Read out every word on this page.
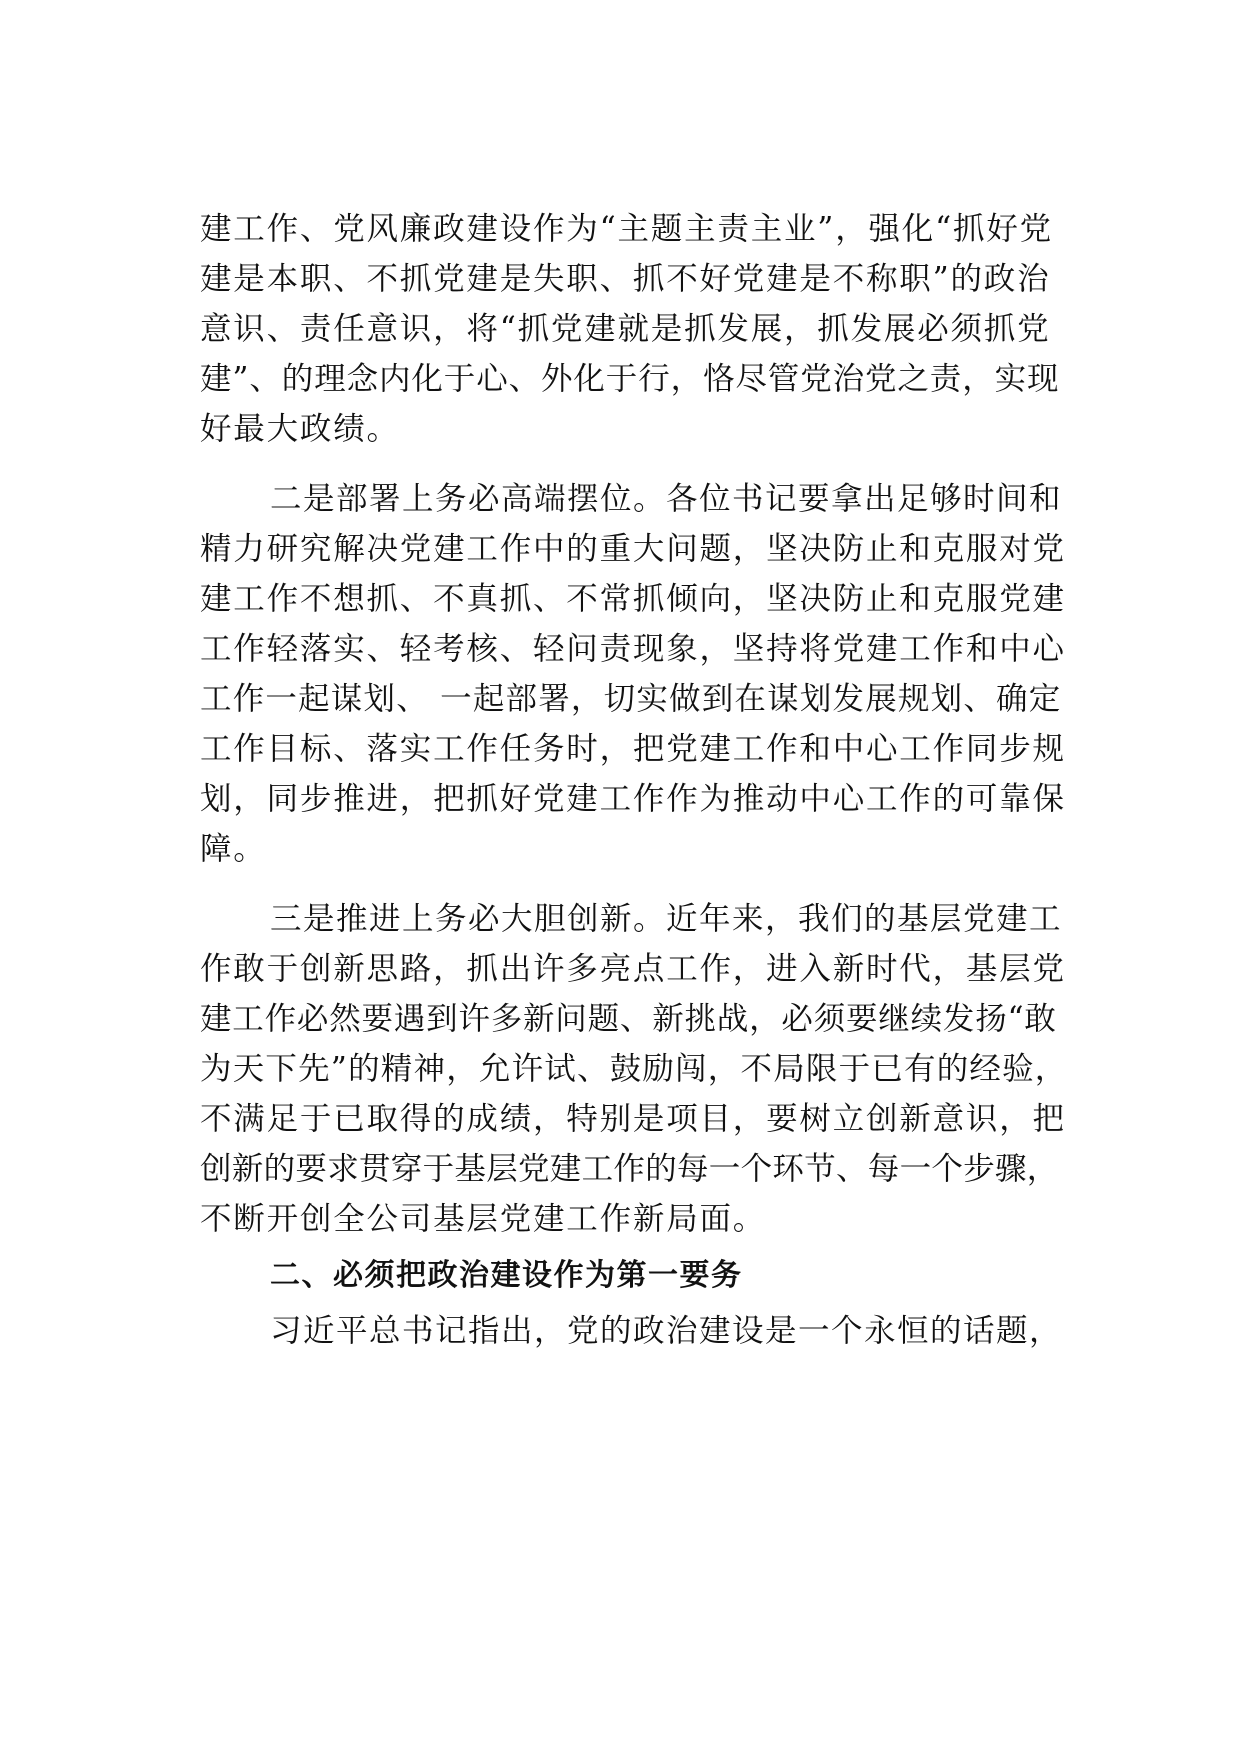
建工作、党风廉政建设作为“主题主责主业”，强化“抓好党
建是本职、不抓党建是失职、抓不好党建是不称职”的政治
意识、责任意识，将“抓党建就是抓发展，抓发展必须抓党
建”、的理念内化于心、外化于行，恪尽管党治党之责，实现
好最大政绩。
二是部署上务必高端摆位。各位书记要拿出足够时间和
精力研究解决党建工作中的重大问题，坚决防止和克服对党
建工作不想抓、不真抓、不常抓倾向，坚决防止和克服党建
工作轻落实、轻考核、轻问责现象，坚持将党建工作和中心
工作一起谋划、 一起部署，切实做到在谋划发展规划、确定
工作目标、落实工作任务时，把党建工作和中心工作同步规
划，同步推进，把抓好党建工作作为推动中心工作的可靠保
障。
三是推进上务必大胆创新。近年来，我们的基层党建工
作敢于创新思路，抓出许多亮点工作，进入新时代，基层党
建工作必然要遇到许多新问题、新挑战，必须要继续发扬“敢
为天下先”的精神，允许试、鼓励闯，不局限于已有的经验，
不满足于已取得的成绩，特别是项目，要树立创新意识，把
创新的要求贯穿于基层党建工作的每一个环节、每一个步骤，
不断开创全公司基层党建工作新局面。
二、必须把政治建设作为第一要务
习近平总书记指出，党的政治建设是一个永恒的话题，
